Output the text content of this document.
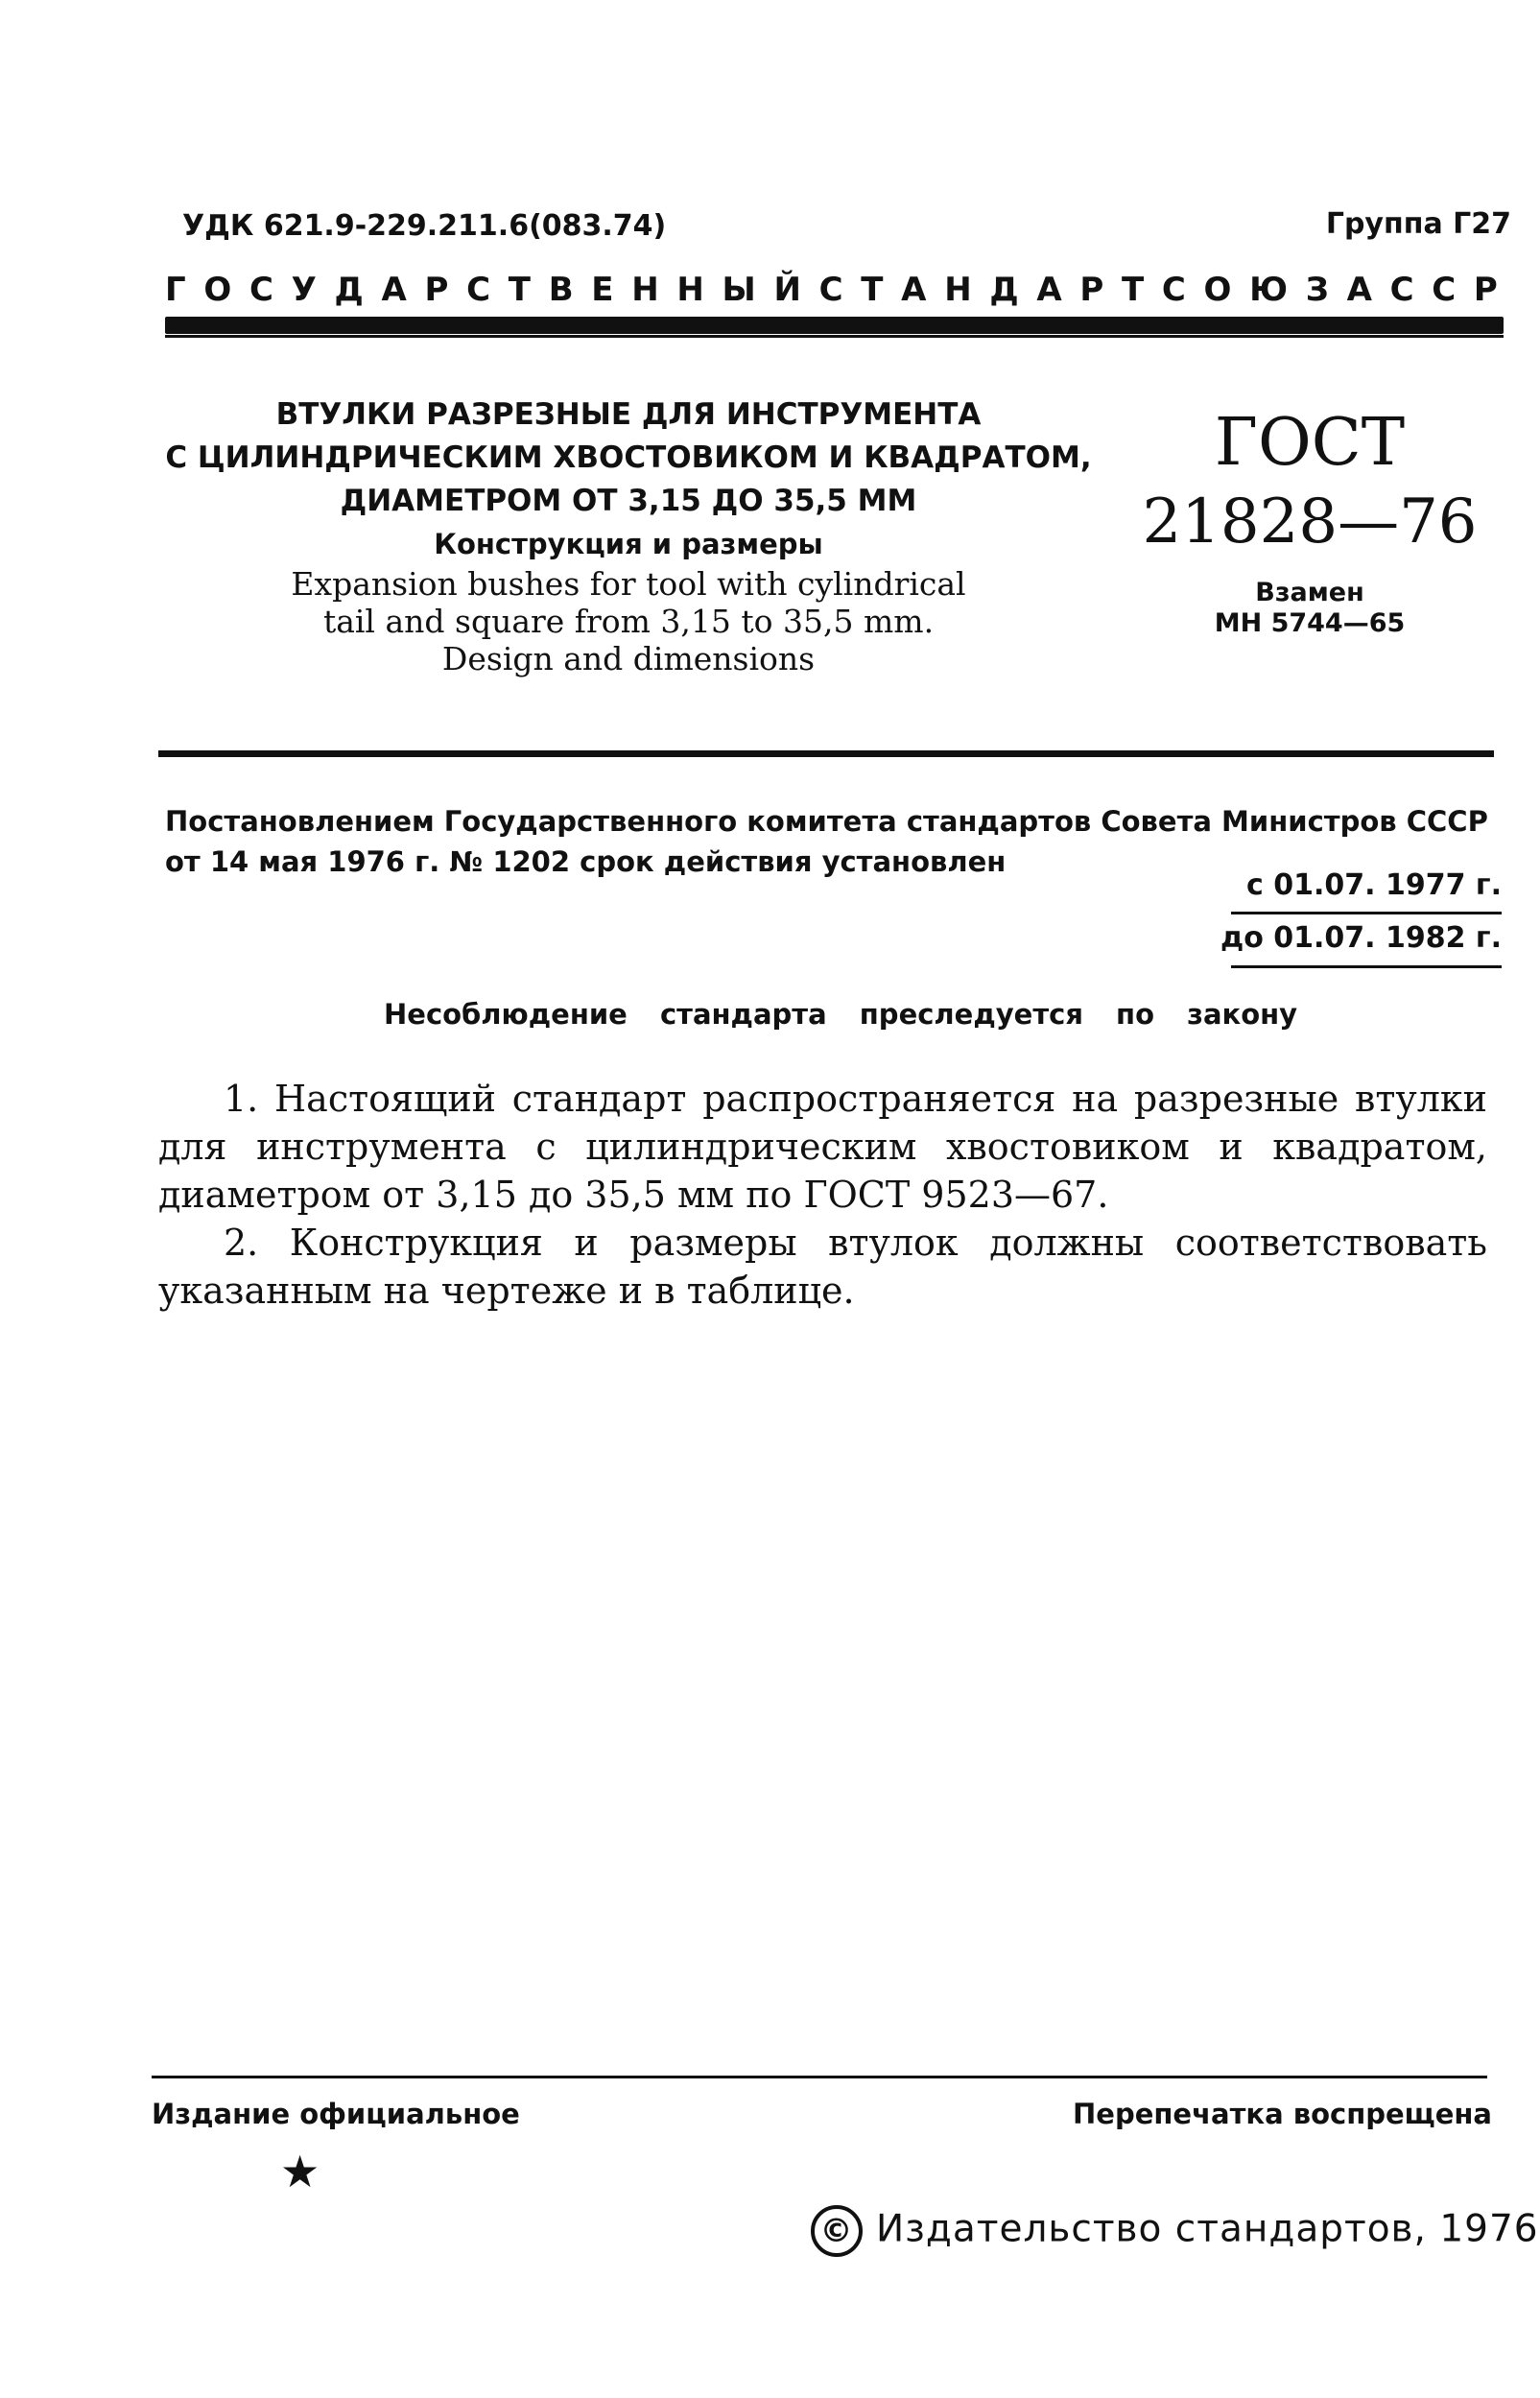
УДК 621.9-229.211.6(083.74)	Группа Г27
ГОСУДАРСТВЕННЫЙ СТАНДАРТ СОЮЗА ССР
ВТУЛКИ РАЗРЕЗНЫЕ ДЛЯ ИНСТРУМЕНТА
С ЦИЛИНДРИЧЕСКИМ ХВОСТОВИКОМ И КВАДРАТОМ,
ДИАМЕТРОМ ОТ 3,15 ДО 35,5 ММ
Конструкция и размеры
Expansion bushes for tool with cylindrical
tail and square from 3,15 to 35,5 mm.
Design and dimensions
ГОСТ
21828—76
Взамен
МН 5744—65
Постановлением Государственного комитета стандартов Совета Министров СССР от 14 мая 1976 г. № 1202 срок действия установлен
с 01.07. 1977 г.
до 01.07. 1982 г.
Несоблюдение стандарта преследуется по закону

1. Настоящий стандарт распространяется на разрезные втулки для инструмента с цилиндрическим хвостовиком и квадратом, диаметром от 3,15 до 35,5 мм по ГОСТ 9523—67.

2. Конструкция и размеры втулок должны соответствовать указанным на чертеже и в таблице.

Издание официальное	Перепечатка воспрещена
★
© Издательство стандартов, 1976
